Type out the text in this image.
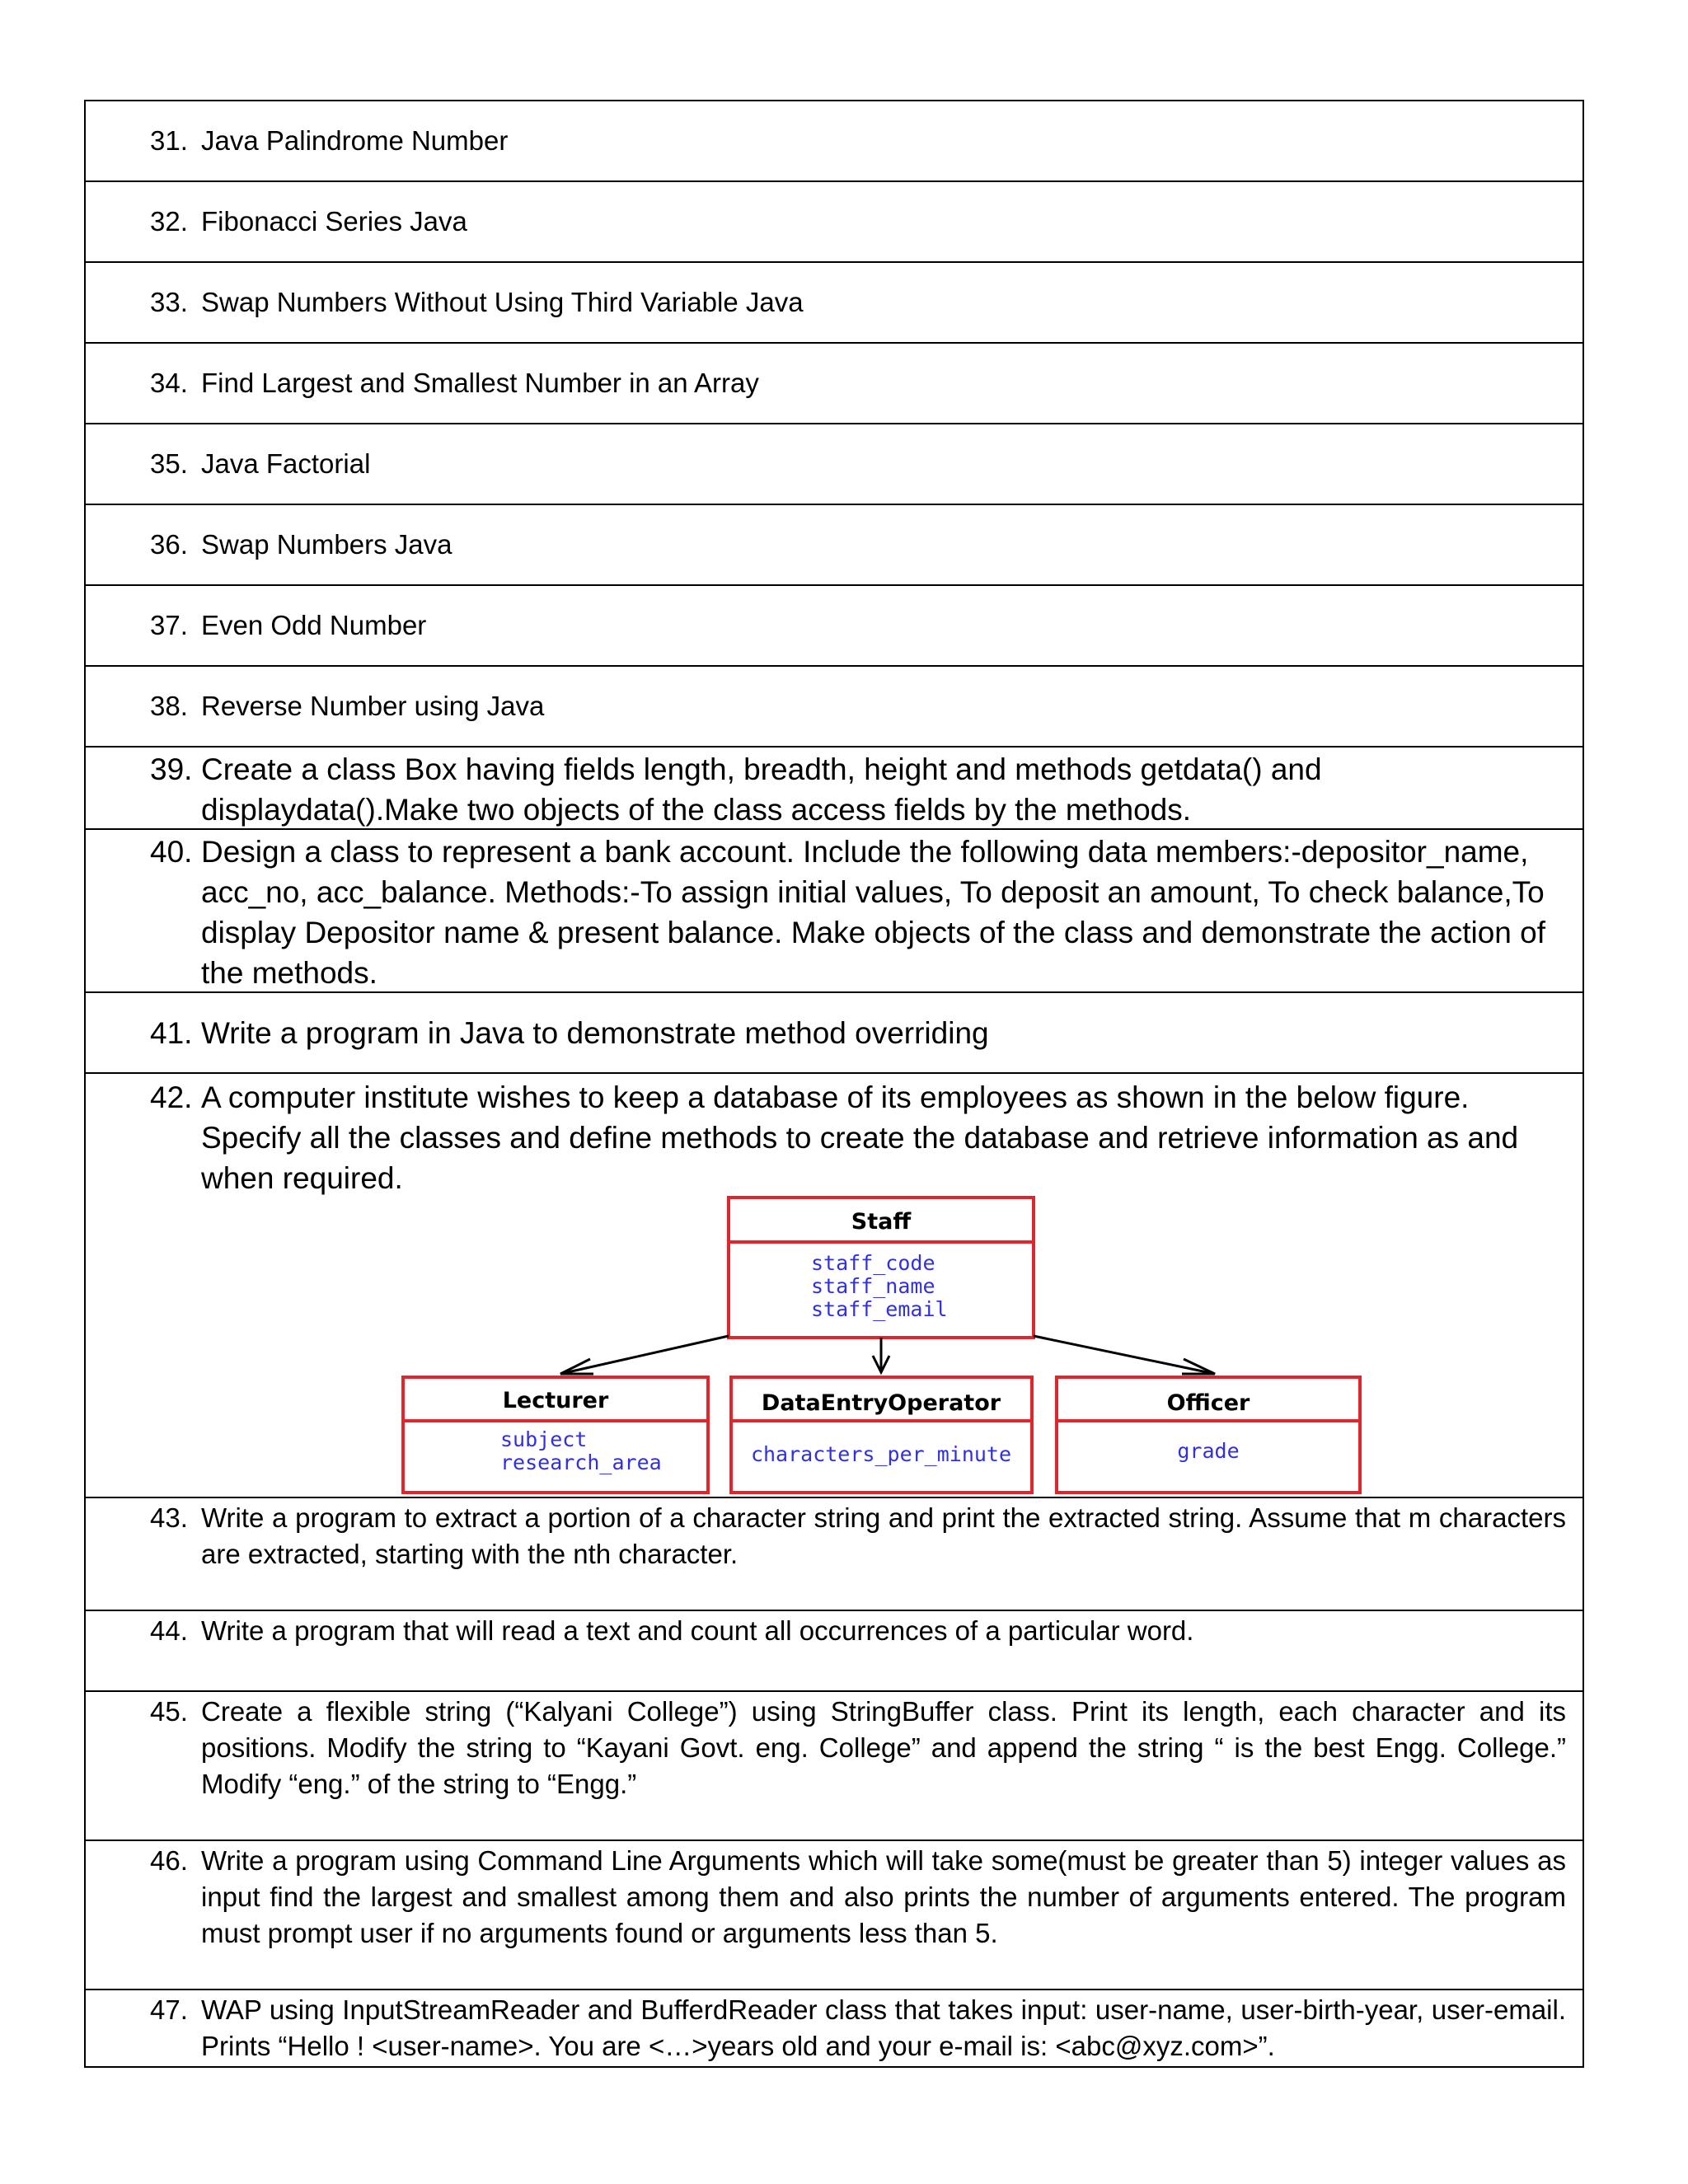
31. Java Palindrome Number
32. Fibonacci Series Java
33. Swap Numbers Without Using Third Variable Java
34. Find Largest and Smallest Number in an Array
35. Java Factorial
36. Swap Numbers Java
37. Even Odd Number
38. Reverse Number using Java
39. Create a class Box having fields length, breadth, height and methods getdata() and displaydata().Make two objects of the class access fields by the methods.
40. Design a class to represent a bank account. Include the following data members:-depositor_name, acc_no, acc_balance. Methods:-To assign initial values, To deposit an amount, To check balance,To display Depositor name & present balance. Make objects of the class and demonstrate the action of the methods.
41. Write a program in Java to demonstrate method overriding
42. A computer institute wishes to keep a database of its employees as shown in the below figure. Specify all the classes and define methods to create the database and retrieve information as and when required.
Staff
Lecturer	DataEntryOperator	Officer
staff_code
staff_name
staff_email
subject
research_area	characters_per_minute	grade
43. Write a program to extract a portion of a character string and print the extracted string. Assume that m characters are extracted, starting with the nth character.
44. Write a program that will read a text and count all occurrences of a particular word.
45. Create a flexible string (“Kalyani College”) using StringBuffer class. Print its length, each character and its positions. Modify the string to “Kayani Govt. eng. College” and append the string “ is the best Engg. College.” Modify “eng.” of the string to “Engg.”
46. Write a program using Command Line Arguments which will take some(must be greater than 5) integer values as input find the largest and smallest among them and also prints the number of arguments entered. The program must prompt user if no arguments found or arguments less than 5.
47. WAP using InputStreamReader and BufferdReader class that takes input: user-name, user-birth-year, user-email. Prints “Hello ! <user-name>. You are <…>years old and your e-mail is: <abc@xyz.com>”.
